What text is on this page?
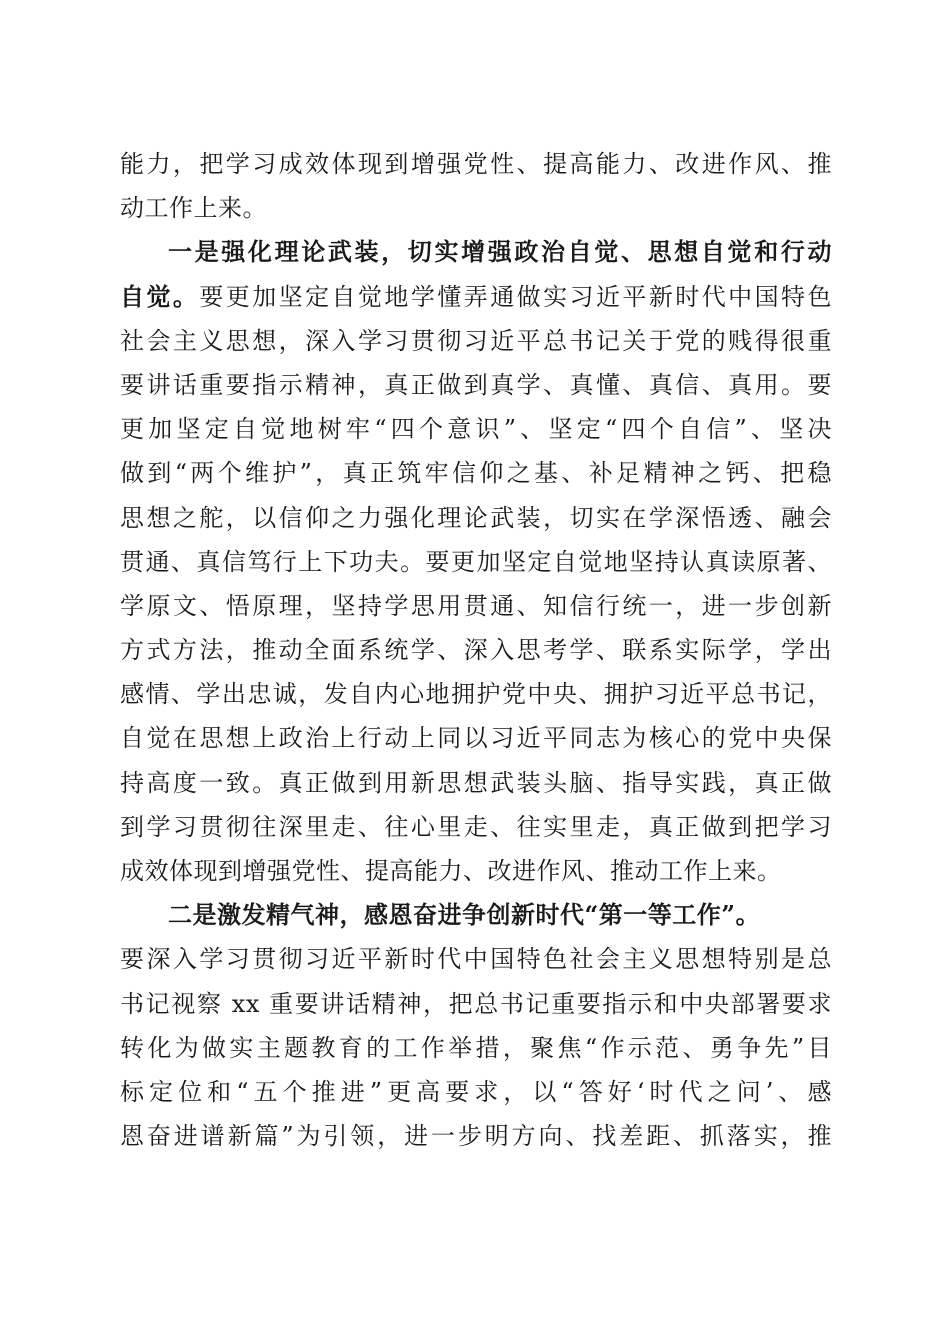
能力，把学习成效体现到增强党性、提高能力、改进作风、推
动工作上来。
一是强化理论武装，切实增强政治自觉、思想自觉和行动
自觉。要更加坚定自觉地学懂弄通做实习近平新时代中国特色
社会主义思想，深入学习贯彻习近平总书记关于党的贱得很重
要讲话重要指示精神，真正做到真学、真懂、真信、真用。要
更加坚定自觉地树牢“四个意识”、坚定“四个自信”、坚决
做到“两个维护”，真正筑牢信仰之基、补足精神之钙、把稳
思想之舵，以信仰之力强化理论武装，切实在学深悟透、融会
贯通、真信笃行上下功夫。要更加坚定自觉地坚持认真读原著、
学原文、悟原理，坚持学思用贯通、知信行统一，进一步创新
方式方法，推动全面系统学、深入思考学、联系实际学，学出
感情、学出忠诚，发自内心地拥护党中央、拥护习近平总书记，
自觉在思想上政治上行动上同以习近平同志为核心的党中央保
持高度一致。真正做到用新思想武装头脑、指导实践，真正做
到学习贯彻往深里走、往心里走、往实里走，真正做到把学习
成效体现到增强党性、提高能力、改进作风、推动工作上来。
二是激发精气神，感恩奋进争创新时代“第一等工作”。
要深入学习贯彻习近平新时代中国特色社会主义思想特别是总
书记视察 xx 重要讲话精神，把总书记重要指示和中央部署要求
转化为做实主题教育的工作举措，聚焦“作示范、勇争先”目
标定位和“五个推进”更高要求，以“答好‘时代之问’、感
恩奋进谱新篇”为引领，进一步明方向、找差距、抓落实，推
